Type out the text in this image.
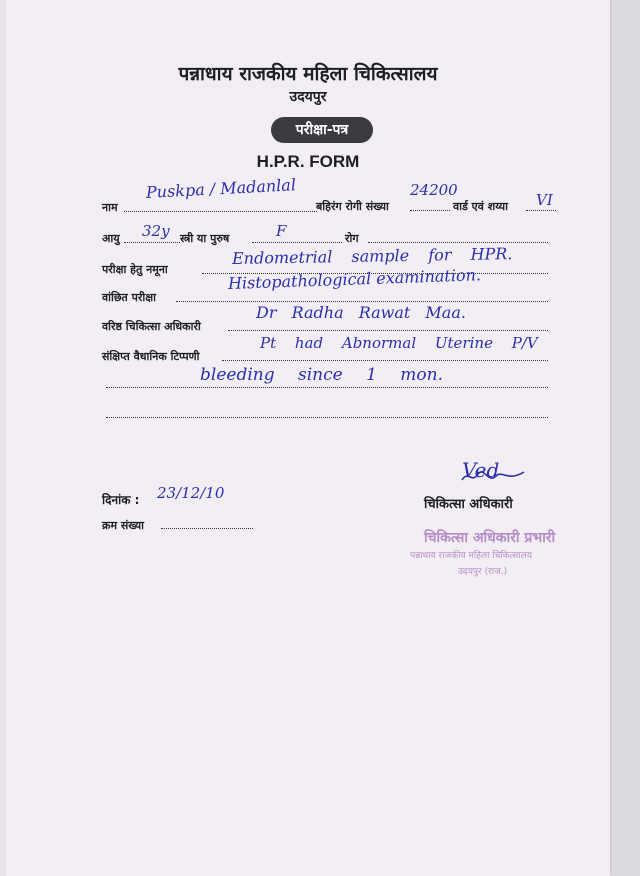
पन्नाधाय राजकीय महिला चिकित्सालय
उदयपुर
परीक्षा-पत्र
H.P.R. FORM
नाम
Puskpa / Madanlal
बहिरंग रोगी संख्या
24200
वार्ड एवं शय्या VI
आयु 32y स्त्री या पुरुष	F	रोग
परीक्षा हेतु नमूना
Endometrial sample for HPR.
वांछित परीक्षा
Histopathological examination.
वरिष्ठ चिकित्सा अधिकारी
Dr Radha Rawat Maa.
संक्षिप्त वैधानिक टिप्पणी
Pt had Abnormal Uterine P/V
bleeding since 1 mon.
Ved
दिनांक : 23/12/10
क्रम संख्या
चिकित्सा अधिकारी
चिकित्सा अधिकारी प्रभारी
पन्नाधाय राजकीय महिला चिकित्सालय
उदयपुर (राज.)
